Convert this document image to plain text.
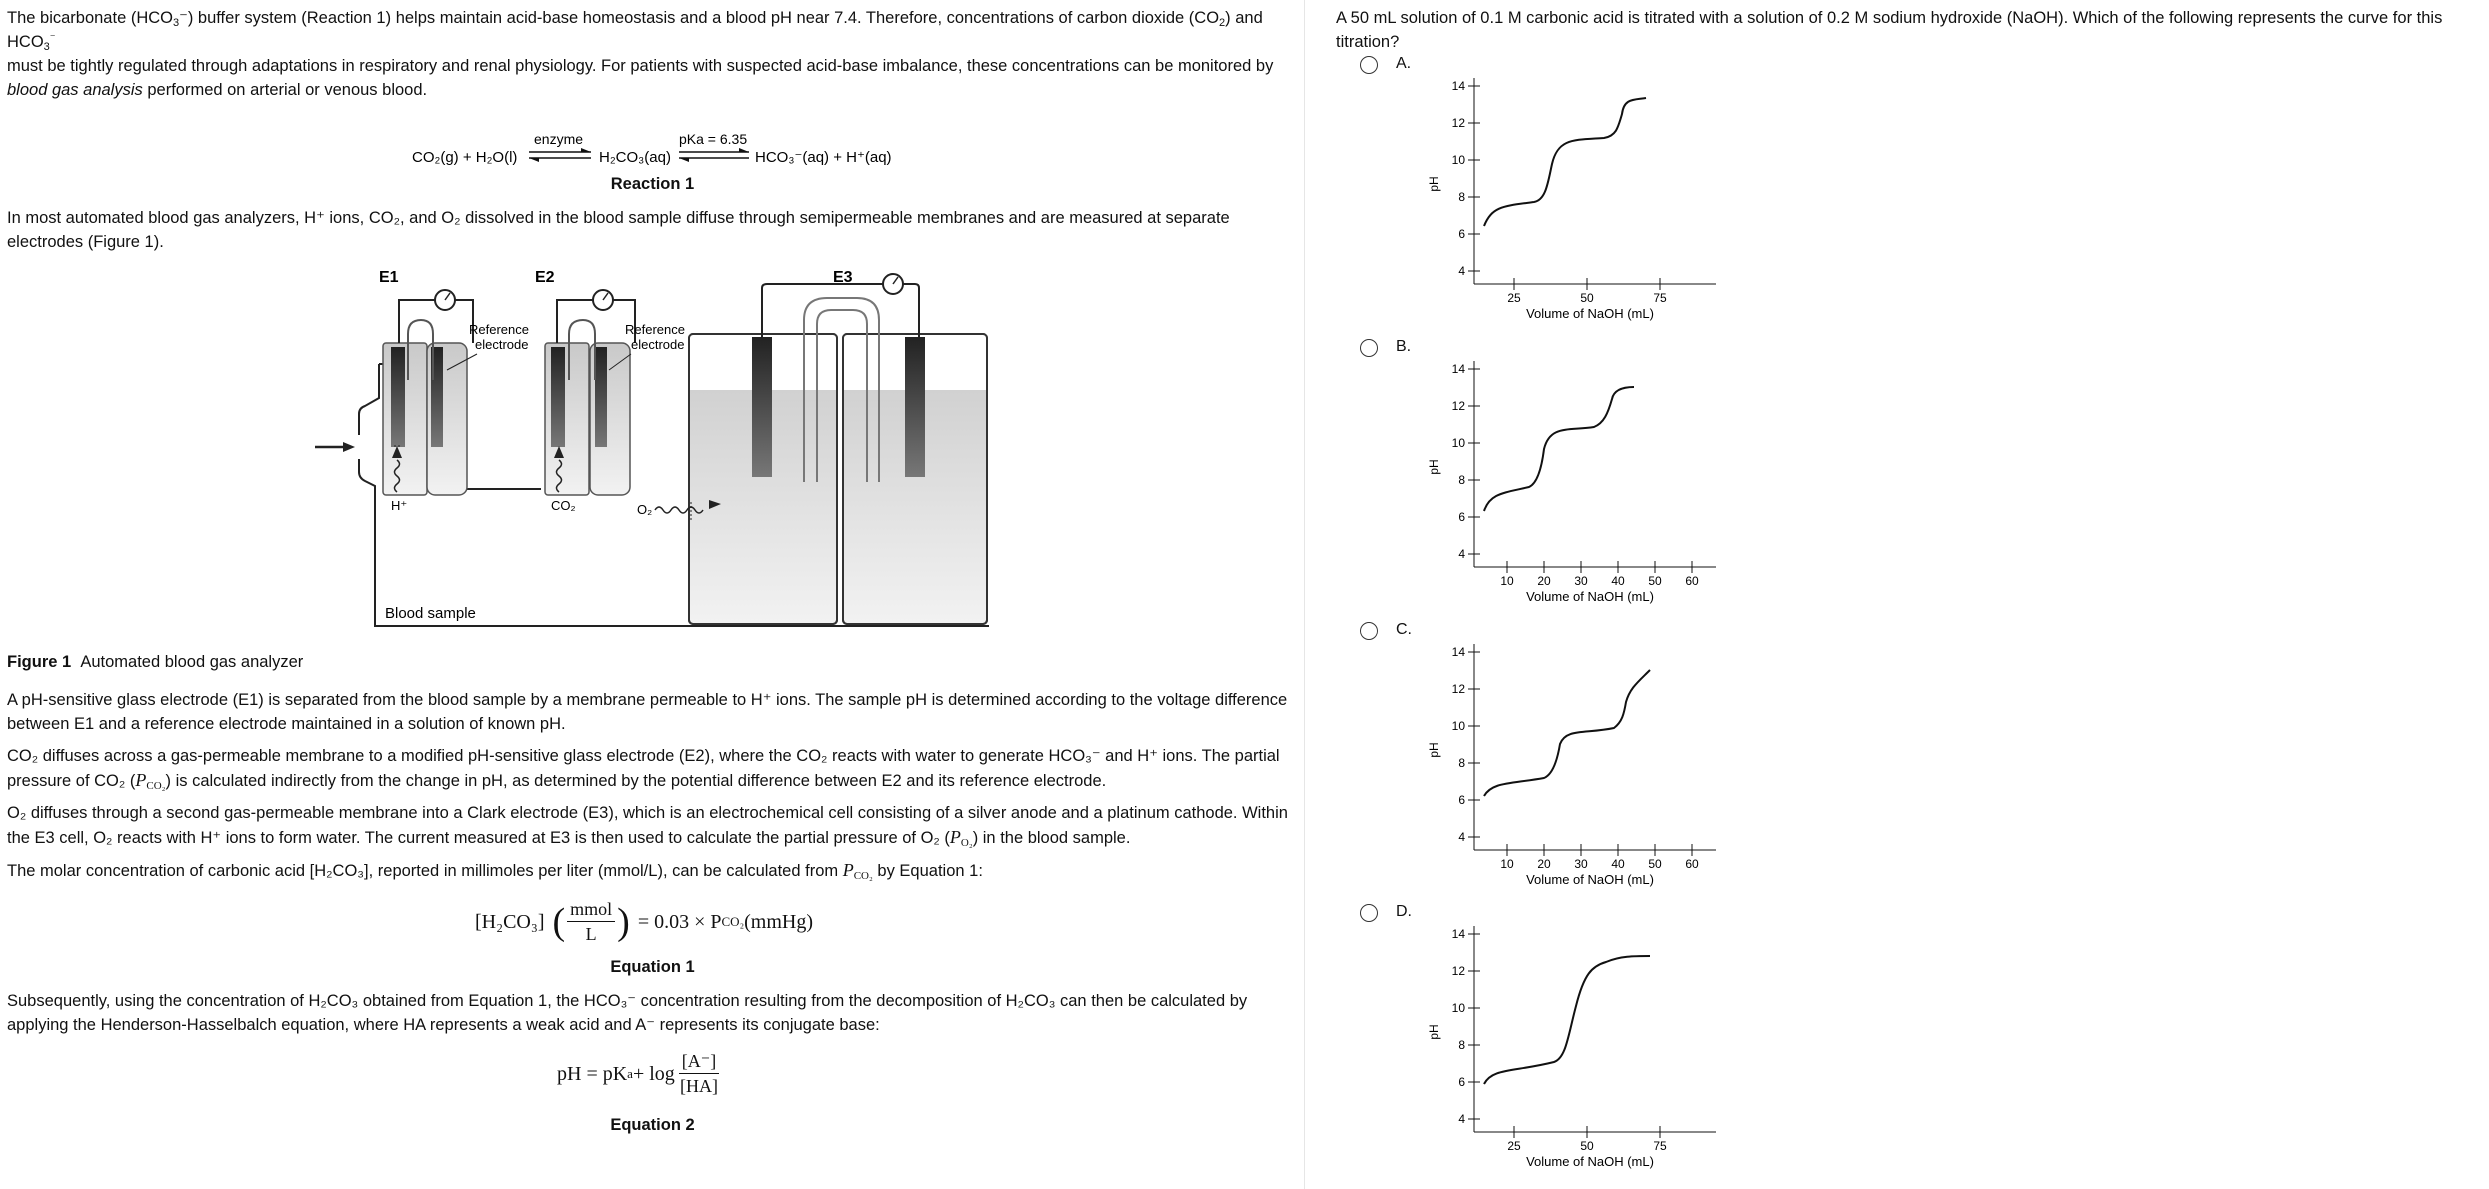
The bicarbonate $(HCO_3^-)$ buffer system (Reaction 1) helps maintain acid-base homeostasis and a blood pH near 7.4. Therefore, concentrations of carbon dioxide $(CO_2)$ and $HCO_3^{^-}$
must be tightly regulated through adaptations in respiratory and renal physiology. For patients with suspected acid-base imbalance, these concentrations can be monitored by blood gas analysis performed on arterial or venous blood.

CO₂(g) + H₂O(l)
enzyme
H₂CO₃(aq)
pKa = 6.35
HCO₃⁻(aq) + H⁺(aq)
Reaction 1

In most automated blood gas analyzers, H⁺ ions, CO₂, and O₂ dissolved in the blood sample diffuse through semipermeable membranes and are measured at separate electrodes (Figure 1).

E1	E2	E3
Reference
electrode
H⁺
Reference
electrode
CO₂	O₂
Blood sample

Figure 1 Automated blood gas analyzer

A pH-sensitive glass electrode (E1) is separated from the blood sample by a membrane permeable to H⁺ ions. The sample pH is determined according to the voltage difference between E1 and a reference electrode maintained in a solution of known pH.

CO₂ diffuses across a gas-permeable membrane to a modified pH-sensitive glass electrode (E2), where the CO₂ reacts with water to generate HCO₃⁻ and H⁺ ions. The partial pressure of CO₂ $(P_{CO_2})$ is calculated indirectly from the change in pH, as determined by the potential difference between E2 and its reference electrode.

O₂ diffuses through a second gas-permeable membrane into a Clark electrode (E3), which is an electrochemical cell consisting of a silver anode and a platinum cathode. Within the E3 cell, O₂ reacts with H⁺ ions to form water. The current measured at E3 is then used to calculate the partial pressure of O₂ $(P_{O_2})$ in the blood sample.

The molar concentration of carbonic acid [H₂CO₃], reported in millimoles per liter (mmol/L), can be calculated from $P_{CO_2}$ by Equation 1:

[H₂CO₃] ( mmol
L ) = 0.03 × P CO₂ (mmHg)
Equation 1

Subsequently, using the concentration of H₂CO₃ obtained from Equation 1, the HCO₃⁻ concentration resulting from the decomposition of H₂CO₃ can then be calculated by applying the Henderson-Hasselbalch equation, where HA represents a weak acid and A⁻ represents its conjugate base:

pH = pK $a + \log \frac{[A^-]}{[HA]}$
Equation 2
A 50 mL solution of 0.1 M carbonic acid is titrated with a solution of 0.2 M sodium hydroxide (NaOH). Which of the following represents the curve for this titration?
A.
14
12
10
8
6
4
25	50	75
pH
Volume of NaOH (mL)
B.
14
12
10
8
6
4
10 20 30 40 50 60
pH
Volume of NaOH (mL)
C.
14
12
10
8
6
4
10 20 30 40 50 60
pH
Volume of NaOH (mL)
D.
14
12
10
8
6
4
25	50	75
pH
Volume of NaOH (mL)
